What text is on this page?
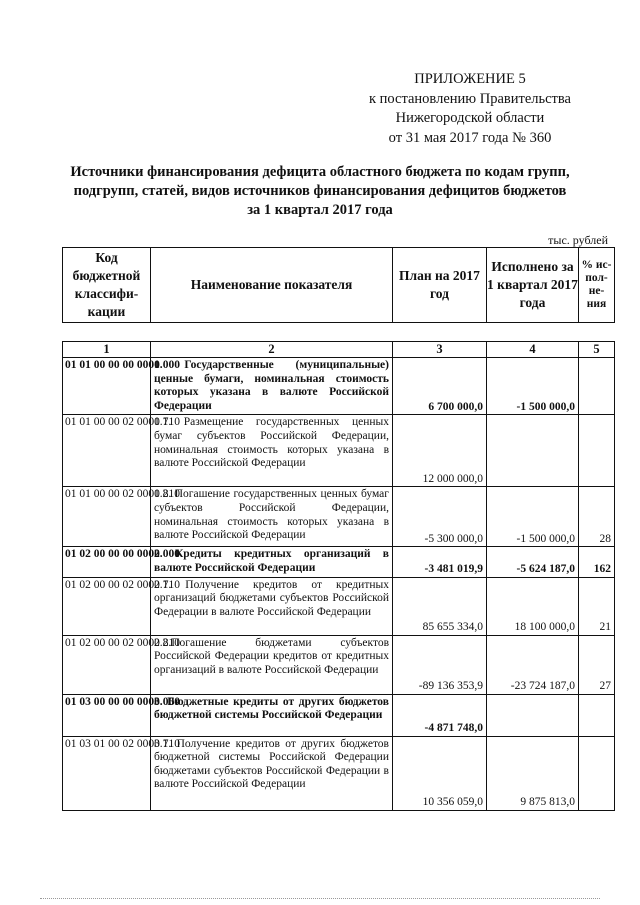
ПРИЛОЖЕНИЕ 5
к постановлению Правительства
Нижегородской области
от 31 мая 2017 года № 360
Источники финансирования дефицита областного бюджета по кодам групп,
подгрупп, статей, видов источников финансирования дефицитов бюджетов
за 1 квартал 2017 года
тыс. рублей
Код бюджетной классифи-кации	Наименование показателя	План на 2017 год	Исполнено за 1 квартал 2017 года	% ис-пол-не-ния
1	2	3	4	5
01 01 00 00 00 0000 000	1. Государственные (муниципальные) ценные бумаги, номинальная стоимость которых указана в валюте Российской Федерации	6 700 000,0	-1 500 000,0	
01 01 00 00 02 0000 710	1.1. Размещение государственных ценных бумаг субъектов Российской Федерации, номинальная стоимость которых указана в валюте Российской Федерации	12 000 000,0		
01 01 00 00 02 0000 810	1.2. Погашение государственных ценных бумаг субъектов Российской Федерации, номинальная стоимость которых указана в валюте Российской Федерации	-5 300 000,0	-1 500 000,0	28
01 02 00 00 00 0000 000	2. Кредиты кредитных организаций в валюте Российской Федерации	-3 481 019,9	-5 624 187,0	162
01 02 00 00 02 0000 710	2.1. Получение кредитов от кредитных организаций бюджетами субъектов Российской Федерации в валюте Российской Федерации	85 655 334,0	18 100 000,0	21
01 02 00 00 02 0000 810	2.2.Погашение бюджетами субъектов Российской Федерации кредитов от кредитных организаций в валюте Российской Федерации	-89 136 353,9	-23 724 187,0	27
01 03 00 00 00 0000 000	3. Бюджетные кредиты от других бюджетов бюджетной системы Российской Федерации	-4 871 748,0		
01 03 01 00 02 0000 710	3.1. Получение кредитов от других бюджетов бюджетной системы Российской Федерации бюджетами субъектов Российской Федерации в валюте Российской Федерации	10 356 059,0	9 875 813,0	
